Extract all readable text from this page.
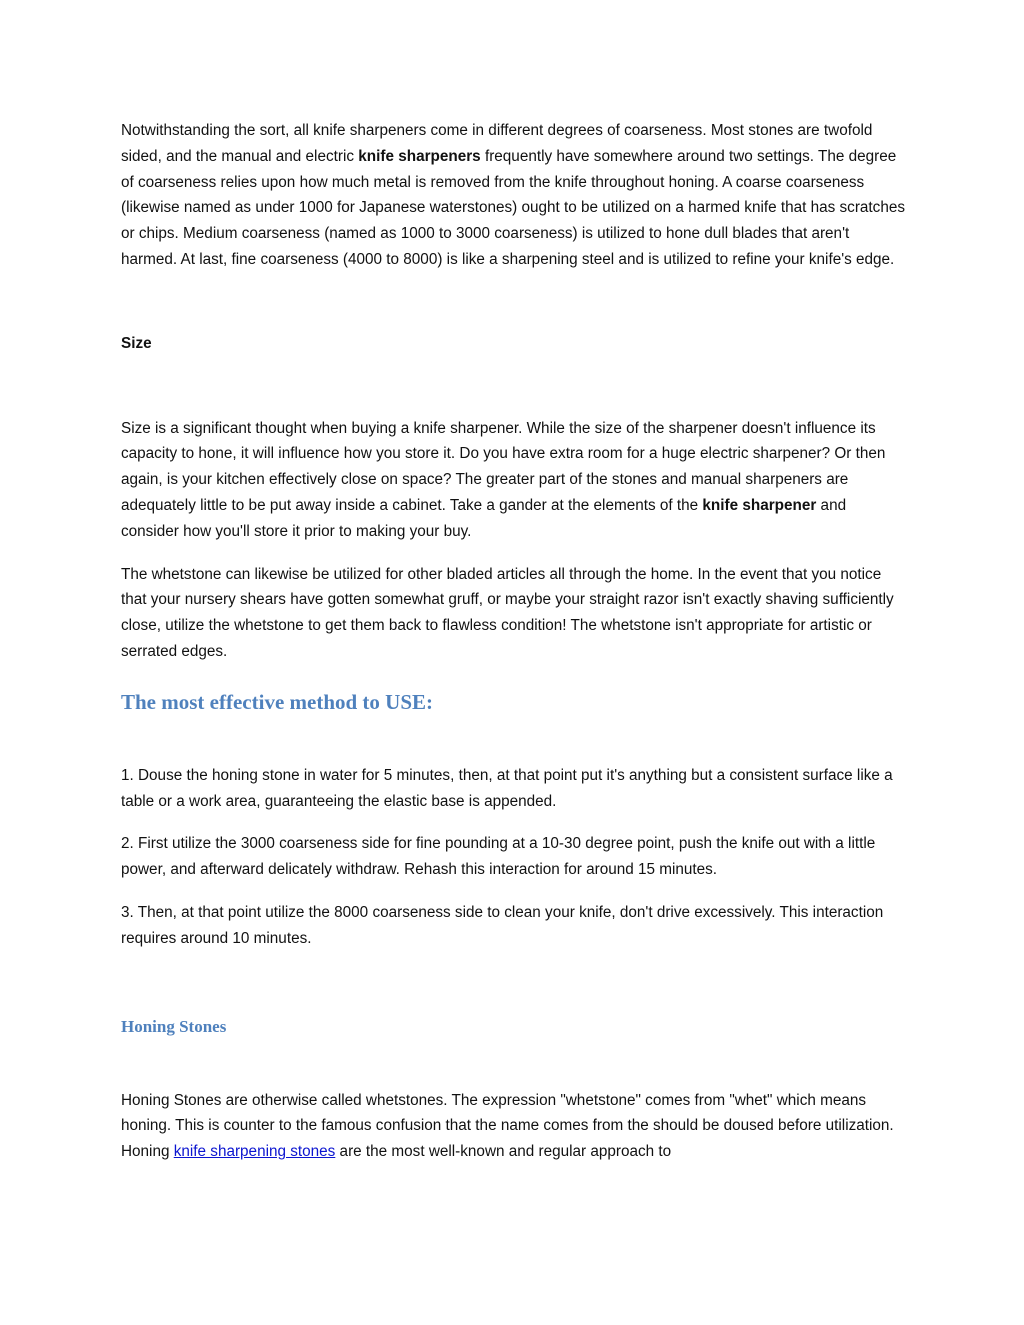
Notwithstanding the sort, all knife sharpeners come in different degrees of coarseness. Most stones are twofold sided, and the manual and electric knife sharpeners frequently have somewhere around two settings. The degree of coarseness relies upon how much metal is removed from the knife throughout honing. A coarse coarseness (likewise named as under 1000 for Japanese waterstones) ought to be utilized on a harmed knife that has scratches or chips. Medium coarseness (named as 1000 to 3000 coarseness) is utilized to hone dull blades that aren't harmed. At last, fine coarseness (4000 to 8000) is like a sharpening steel and is utilized to refine your knife's edge.

Size

Size is a significant thought when buying a knife sharpener. While the size of the sharpener doesn't influence its capacity to hone, it will influence how you store it. Do you have extra room for a huge electric sharpener? Or then again, is your kitchen effectively close on space? The greater part of the stones and manual sharpeners are adequately little to be put away inside a cabinet. Take a gander at the elements of the knife sharpener and consider how you'll store it prior to making your buy.

The whetstone can likewise be utilized for other bladed articles all through the home. In the event that you notice that your nursery shears have gotten somewhat gruff, or maybe your straight razor isn't exactly shaving sufficiently close, utilize the whetstone to get them back to flawless condition! The whetstone isn't appropriate for artistic or serrated edges.

The most effective method to USE:

1. Douse the honing stone in water for 5 minutes, then, at that point put it's anything but a consistent surface like a table or a work area, guaranteeing the elastic base is appended.

2. First utilize the 3000 coarseness side for fine pounding at a 10-30 degree point, push the knife out with a little power, and afterward delicately withdraw. Rehash this interaction for around 15 minutes.

3. Then, at that point utilize the 8000 coarseness side to clean your knife, don't drive excessively. This interaction requires around 10 minutes.

Honing Stones

Honing Stones are otherwise called whetstones. The expression "whetstone" comes from "whet" which means honing. This is counter to the famous confusion that the name comes from the should be doused before utilization. Honing knife sharpening stones are the most well-known and regular approach to
